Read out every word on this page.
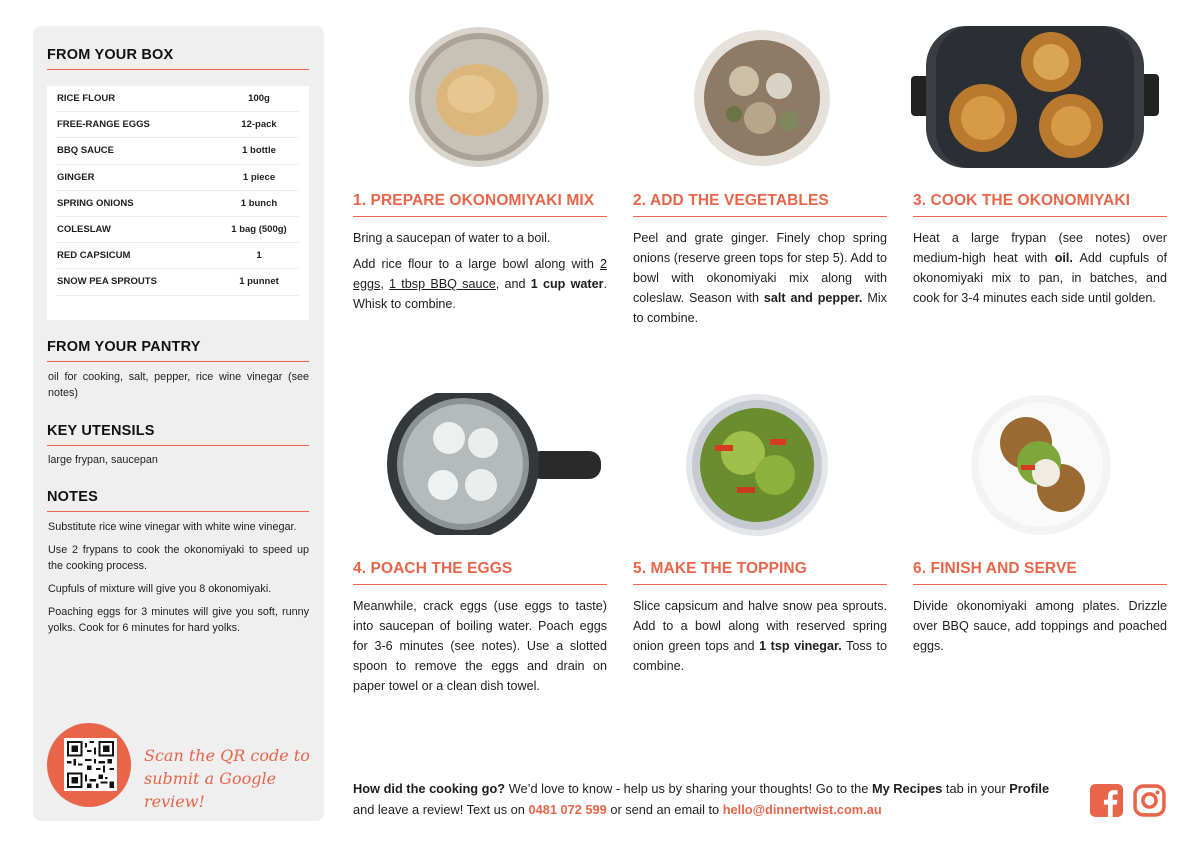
FROM YOUR BOX
RICE FLOUR	100g
FREE-RANGE EGGS	12-pack
BBQ SAUCE	1 bottle
GINGER	1 piece
SPRING ONIONS	1 bunch
COLESLAW	1 bag (500g)
RED CAPSICUM	1
SNOW PEA SPROUTS	1 punnet
FROM YOUR PANTRY
oil for cooking, salt, pepper, rice wine vinegar (see notes)
KEY UTENSILS
large frypan, saucepan
NOTES
Substitute rice wine vinegar with white wine vinegar.
Use 2 frypans to cook the okonomiyaki to speed up the cooking process.
Cupfuls of mixture will give you 8 okonomiyaki.
Poaching eggs for 3 minutes will give you soft, runny yolks. Cook for 6 minutes for hard yolks.
Scan the QR code to submit a Google review!
1. PREPARE OKONOMIYAKI MIX

Bring a saucepan of water to a boil.

Add rice flour to a large bowl along with 2 eggs, 1 tbsp BBQ sauce, and 1 cup water. Whisk to combine.

2. ADD THE VEGETABLES

Peel and grate ginger. Finely chop spring onions (reserve green tops for step 5). Add to bowl with okonomiyaki mix along with coleslaw. Season with salt and pepper. Mix to combine.

3. COOK THE OKONOMIYAKI

Heat a large frypan (see notes) over medium-high heat with oil. Add cupfuls of okonomiyaki mix to pan, in batches, and cook for 3-4 minutes each side until golden.

4. POACH THE EGGS

Meanwhile, crack eggs (use eggs to taste) into saucepan of boiling water. Poach eggs for 3-6 minutes (see notes). Use a slotted spoon to remove the eggs and drain on paper towel or a clean dish towel.

5. MAKE THE TOPPING

Slice capsicum and halve snow pea sprouts. Add to a bowl along with reserved spring onion green tops and 1 tsp vinegar. Toss to combine.

6. FINISH AND SERVE

Divide okonomiyaki among plates. Drizzle over BBQ sauce, add toppings and poached eggs.

How did the cooking go? We’d love to know - help us by sharing your thoughts! Go to the My Recipes tab in your Profile and leave a review! Text us on 0481 072 599 or send an email to hello@dinnertwist.com.au
